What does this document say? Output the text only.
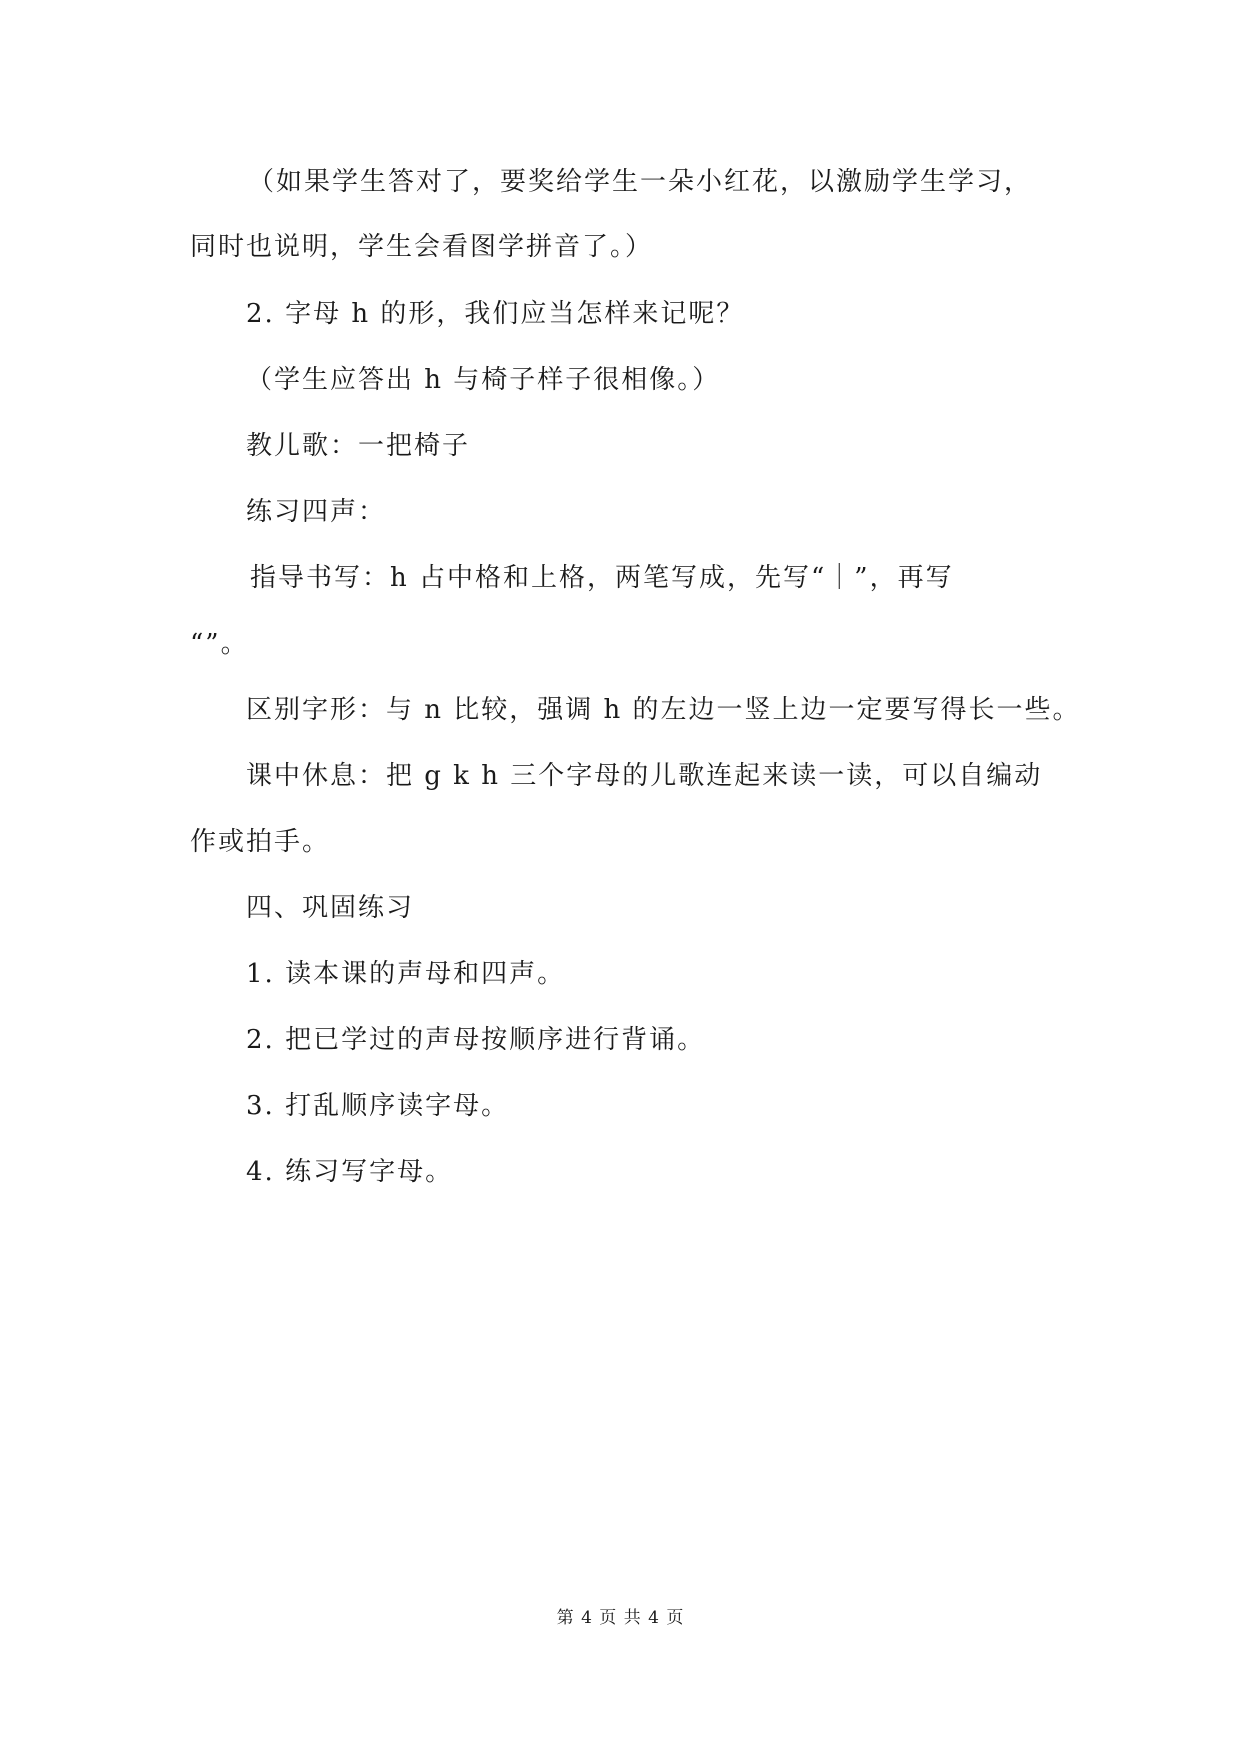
（如果学生答对了，要奖给学生一朵小红花，以激励学生学习，
同时也说明，学生会看图学拼音了。）
2. 字母 h 的形，我们应当怎样来记呢？
（学生应答出 h 与椅子样子很相像。）
教儿歌：一把椅子
练习四声：
指导书写：h 占中格和上格，两笔写成，先写“｜”，再写
“”。
区别字形：与 n 比较，强调 h 的左边一竖上边一定要写得长一些。
课中休息：把 g k h 三个字母的儿歌连起来读一读，可以自编动
作或拍手。
四、巩固练习
1. 读本课的声母和四声。
2. 把已学过的声母按顺序进行背诵。
3. 打乱顺序读字母。
4. 练习写字母。
第 4 页 共 4 页
